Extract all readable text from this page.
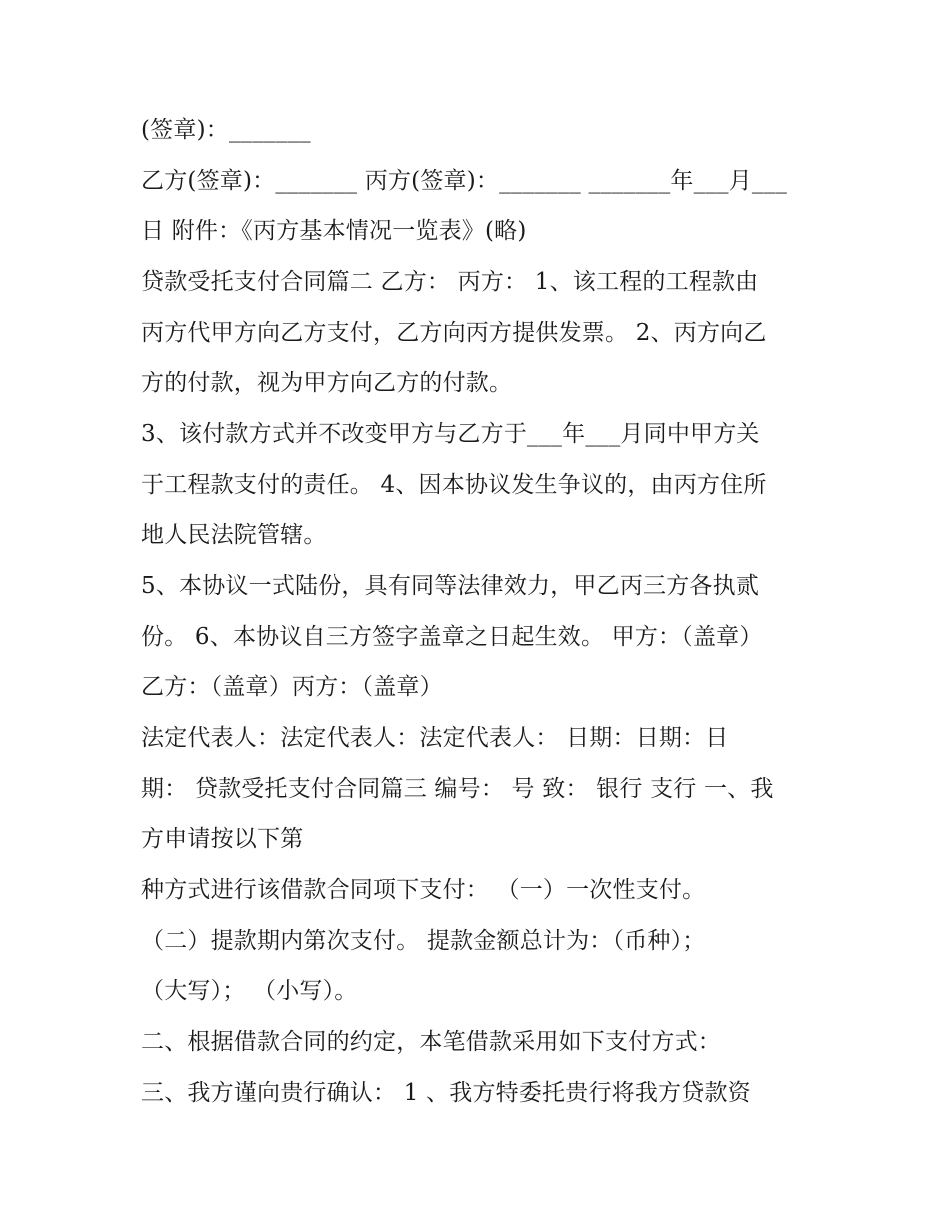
(签章)：_______
乙方(签章)：_______ 丙方(签章)：_______ _______年___月___
日 附件：《丙方基本情况一览表》(略)
贷款受托支付合同篇二 乙方： 丙方： 1、该工程的工程款由
丙方代甲方向乙方支付，乙方向丙方提供发票。 2、丙方向乙
方的付款，视为甲方向乙方的付款。
3、该付款方式并不改变甲方与乙方于___年___月同中甲方关
于工程款支付的责任。 4、因本协议发生争议的，由丙方住所
地人民法院管辖。
5、本协议一式陆份，具有同等法律效力，甲乙丙三方各执贰
份。 6、本协议自三方签字盖章之日起生效。 甲方：（盖章）
乙方：（盖章）丙方：（盖章）
法定代表人：法定代表人：法定代表人： 日期：日期：日
期： 贷款受托支付合同篇三 编号： 号 致： 银行 支行 一、我
方申请按以下第
种方式进行该借款合同项下支付： （一）一次性支付。
（二）提款期内第次支付。 提款金额总计为：（币种）；
（大写）； （小写）。
二、根据借款合同的约定，本笔借款采用如下支付方式：
三、我方谨向贵行确认： 1 、我方特委托贵行将我方贷款资
